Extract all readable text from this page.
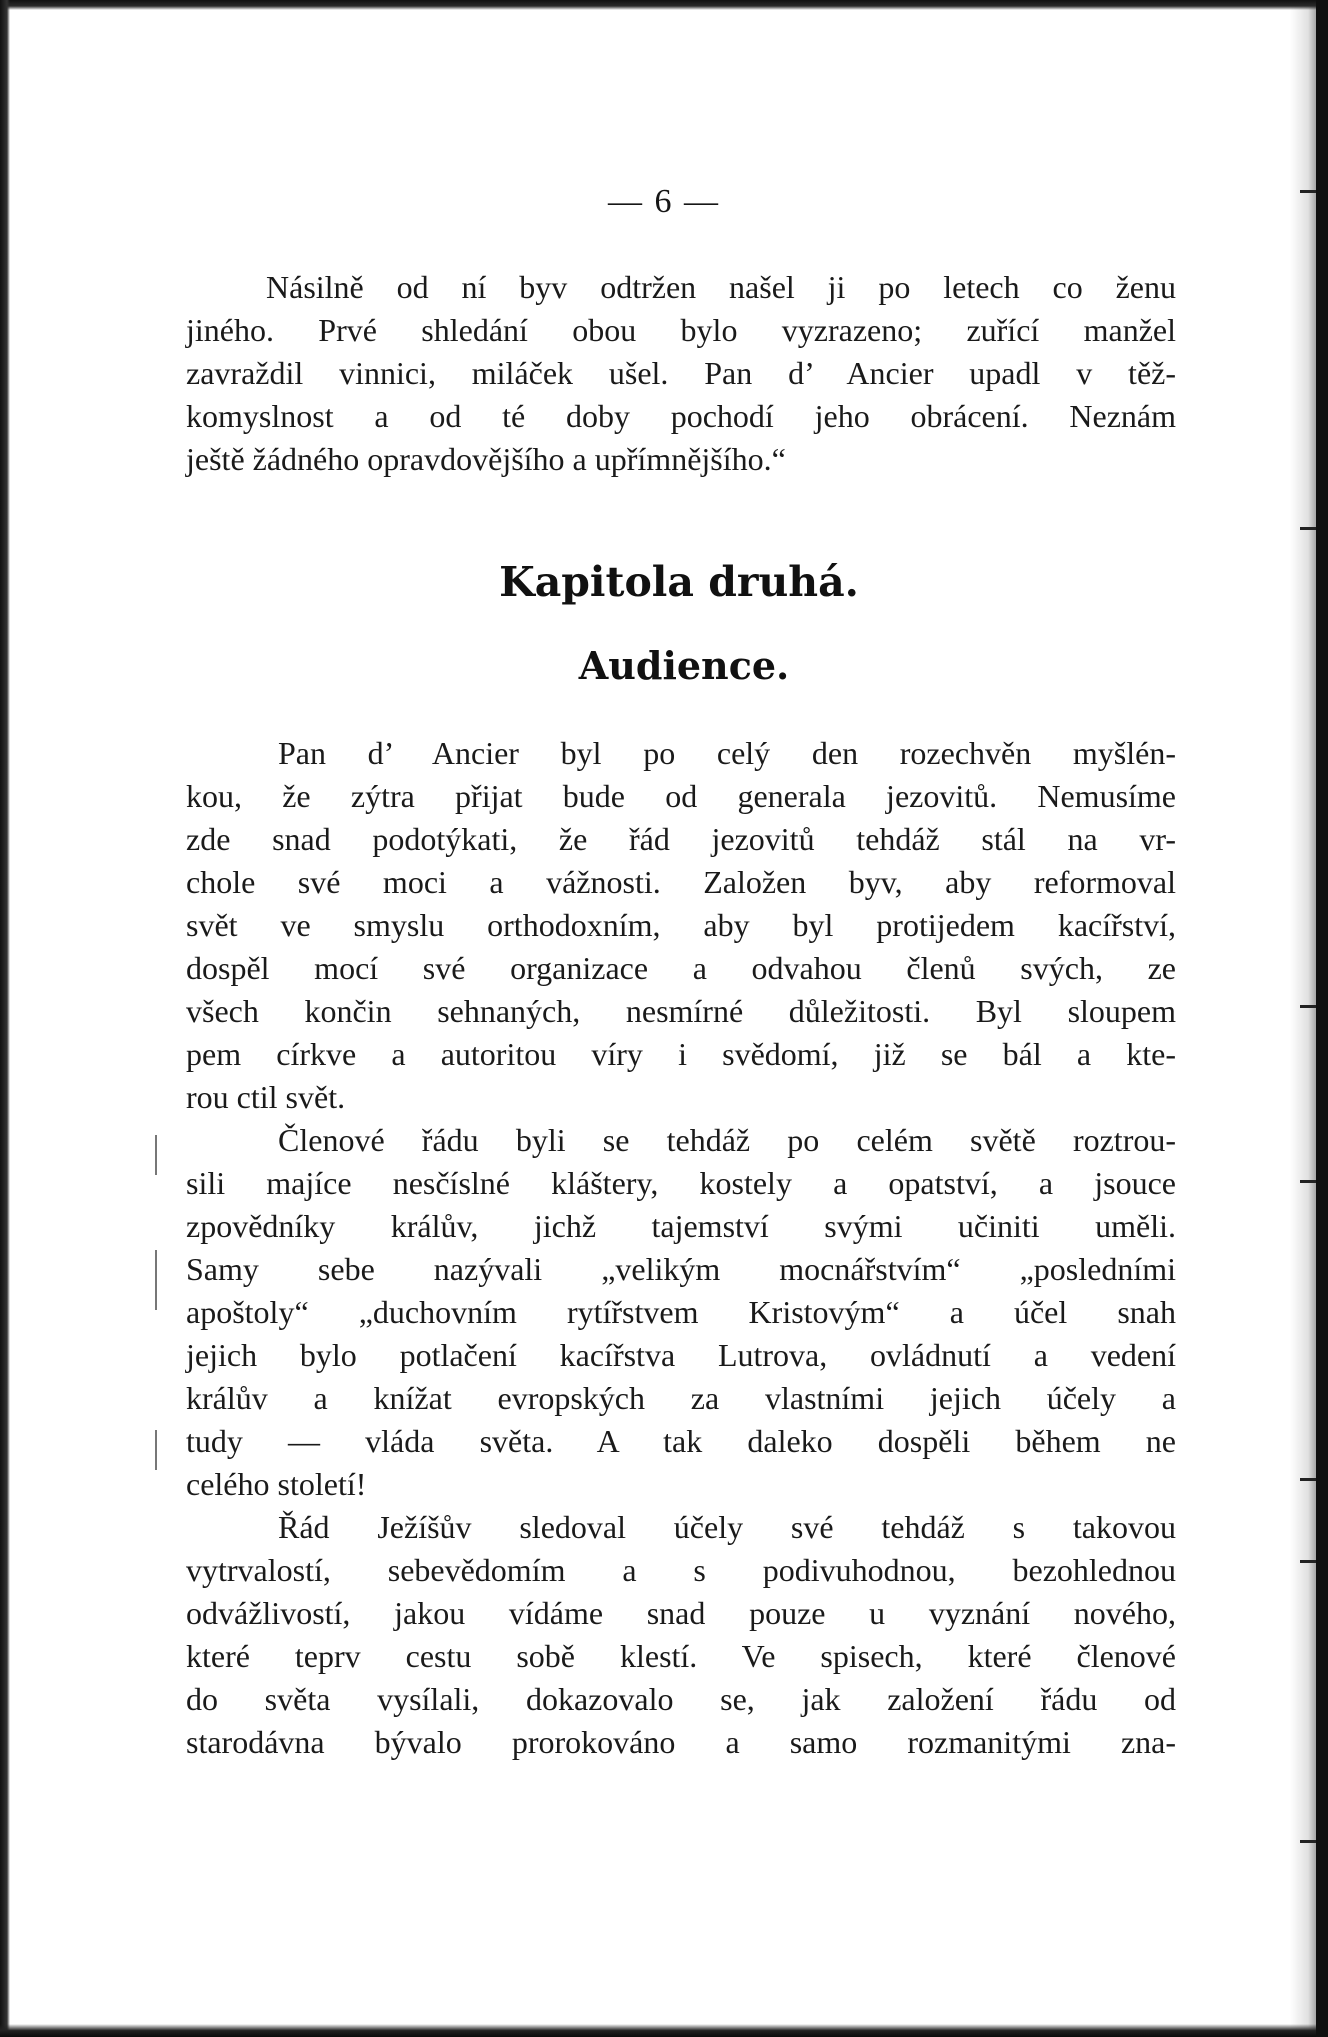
— 6 —
Násilně od ní byv odtržen našel ji po letech co ženu
jiného. Prvé shledání obou bylo vyzrazeno; zuřící manžel
zavraždil vinnici, miláček ušel. Pan d’ Ancier upadl v těž-
komyslnost a od té doby pochodí jeho obrácení. Neznám
ještě žádného opravdovějšího a upřímnějšího.“
Kapitola druhá.
Audience.
Pan d’ Ancier byl po celý den rozechvěn myšlén-
kou, že zýtra přijat bude od generala jezovitů. Nemusíme
zde snad podotýkati, že řád jezovitů tehdáž stál na vr-
chole své moci a vážnosti. Založen byv, aby reformoval
svět ve smyslu orthodoxním, aby byl protijedem kacířství,
dospěl mocí své organizace a odvahou členů svých, ze
všech končin sehnaných, nesmírné důležitosti. Byl sloupem
pem církve a autoritou víry i svědomí, již se bál a kte-
rou ctil svět.
Členové řádu byli se tehdáž po celém světě roztrou-
sili majíce nesčíslné kláštery, kostely a opatství, a jsouce
zpovědníky králův, jichž tajemství svými učiniti uměli.
Samy sebe nazývali „velikým mocnářstvím“ „posledními
apoštoly“ „duchovním rytířstvem Kristovým“ a účel snah
jejich bylo potlačení kacířstva Lutrova, ovládnutí a vedení
králův a knížat evropských za vlastními jejich účely a
tudy — vláda světa. A tak daleko dospěli během ne
celého století!
Řád Ježíšův sledoval účely své tehdáž s takovou
vytrvalostí, sebevědomím a s podivuhodnou, bezohlednou
odvážlivostí, jakou vídáme snad pouze u vyznání nového,
které teprv cestu sobě klestí. Ve spisech, které členové
do světa vysílali, dokazovalo se, jak založení řádu od
starodávna bývalo prorokováno a samo rozmanitými zna-
